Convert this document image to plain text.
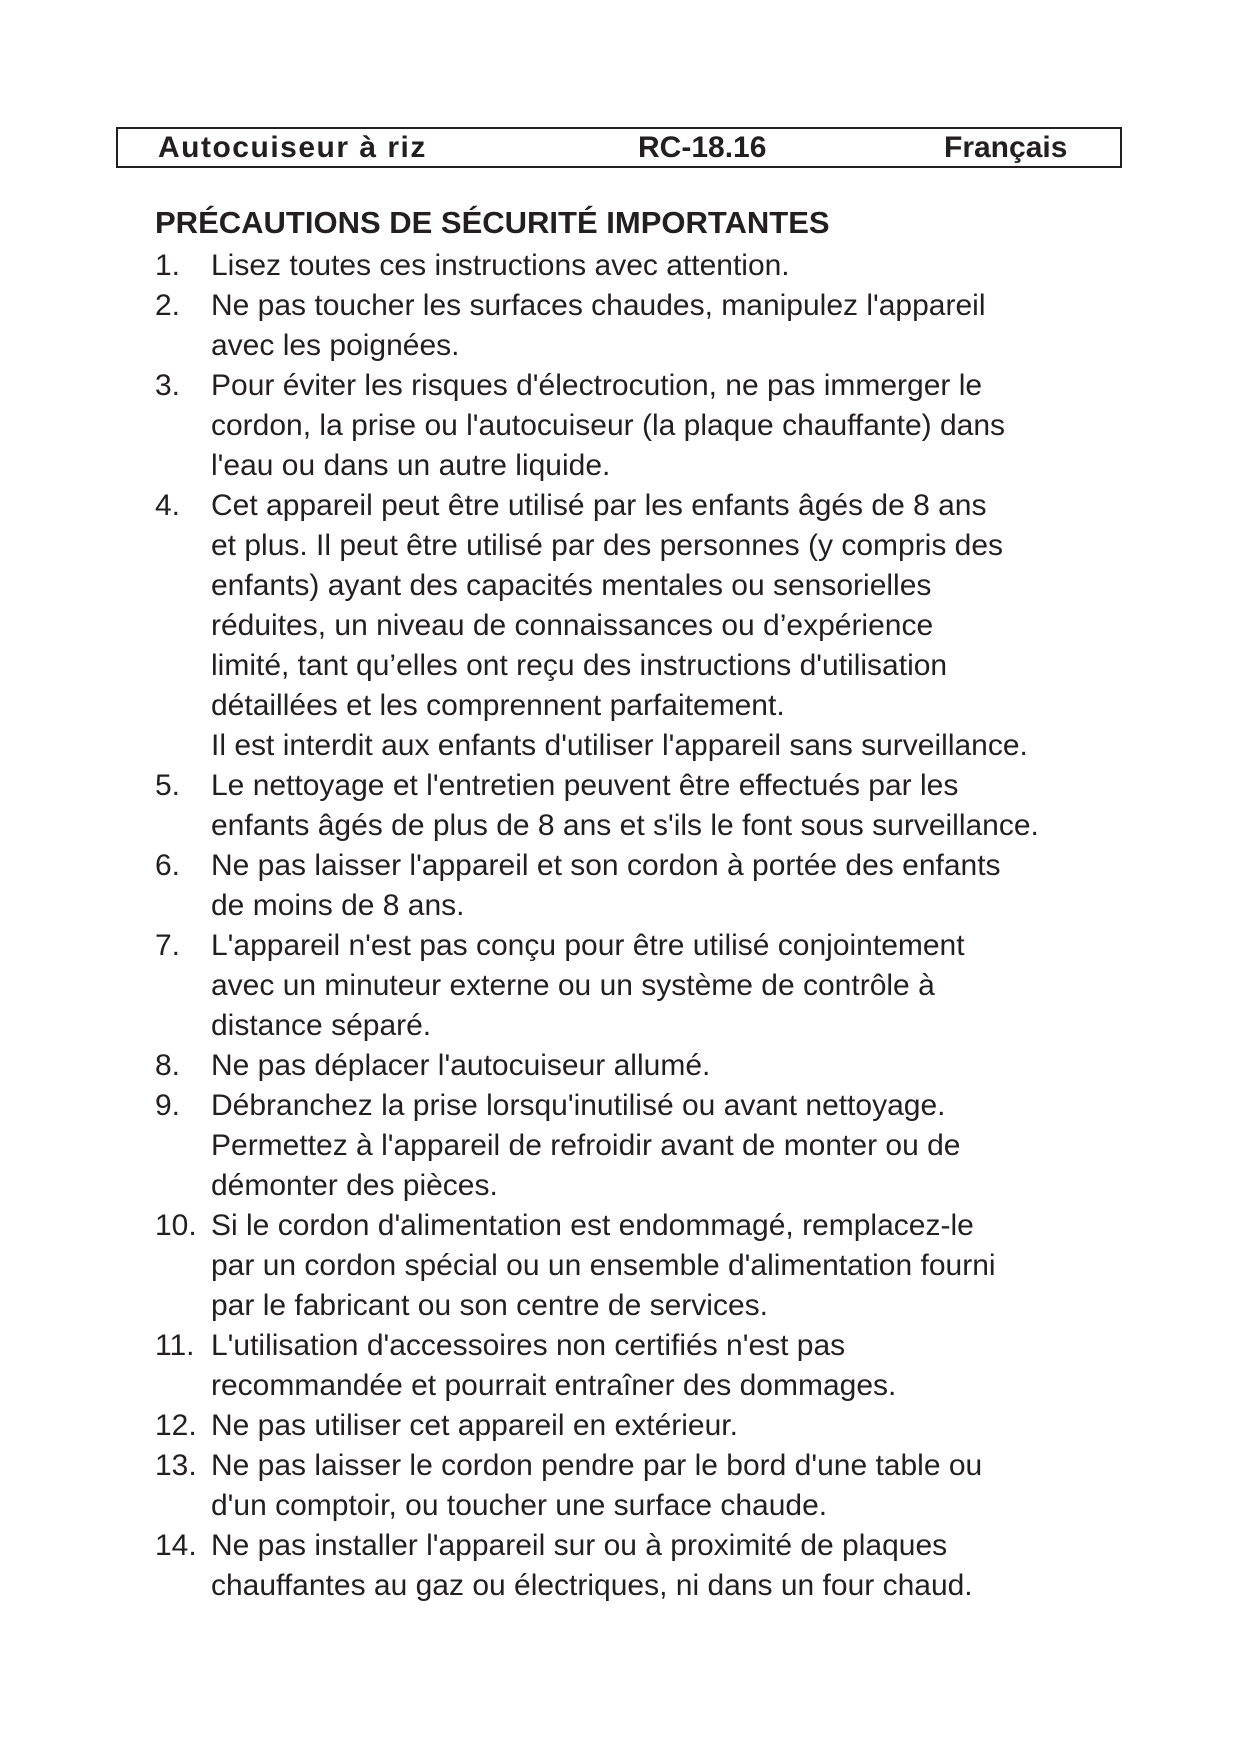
Autocuiseur à riz	RC-18.16	Français
PRÉCAUTIONS DE SÉCURITÉ IMPORTANTES
1. Lisez toutes ces instructions avec attention.
2. Ne pas toucher les surfaces chaudes, manipulez l'appareil
avec les poignées.
3. Pour éviter les risques d'électrocution, ne pas immerger le
cordon, la prise ou l'autocuiseur (la plaque chauffante) dans
l'eau ou dans un autre liquide.
4. Cet appareil peut être utilisé par les enfants âgés de 8 ans
et plus. Il peut être utilisé par des personnes (y compris des
enfants) ayant des capacités mentales ou sensorielles
réduites, un niveau de connaissances ou d’expérience
limité, tant qu’elles ont reçu des instructions d'utilisation
détaillées et les comprennent parfaitement.
Il est interdit aux enfants d'utiliser l'appareil sans surveillance.
5. Le nettoyage et l'entretien peuvent être effectués par les
enfants âgés de plus de 8 ans et s'ils le font sous surveillance.
6. Ne pas laisser l'appareil et son cordon à portée des enfants
de moins de 8 ans.
7. L'appareil n'est pas conçu pour être utilisé conjointement
avec un minuteur externe ou un système de contrôle à
distance séparé.
8. Ne pas déplacer l'autocuiseur allumé.
9. Débranchez la prise lorsqu'inutilisé ou avant nettoyage.
Permettez à l'appareil de refroidir avant de monter ou de
démonter des pièces.
10. Si le cordon d'alimentation est endommagé, remplacez-le
par un cordon spécial ou un ensemble d'alimentation fourni
par le fabricant ou son centre de services.
11. L'utilisation d'accessoires non certifiés n'est pas
recommandée et pourrait entraîner des dommages.
12. Ne pas utiliser cet appareil en extérieur.
13. Ne pas laisser le cordon pendre par le bord d'une table ou
d'un comptoir, ou toucher une surface chaude.
14. Ne pas installer l'appareil sur ou à proximité de plaques
chauffantes au gaz ou électriques, ni dans un four chaud.
